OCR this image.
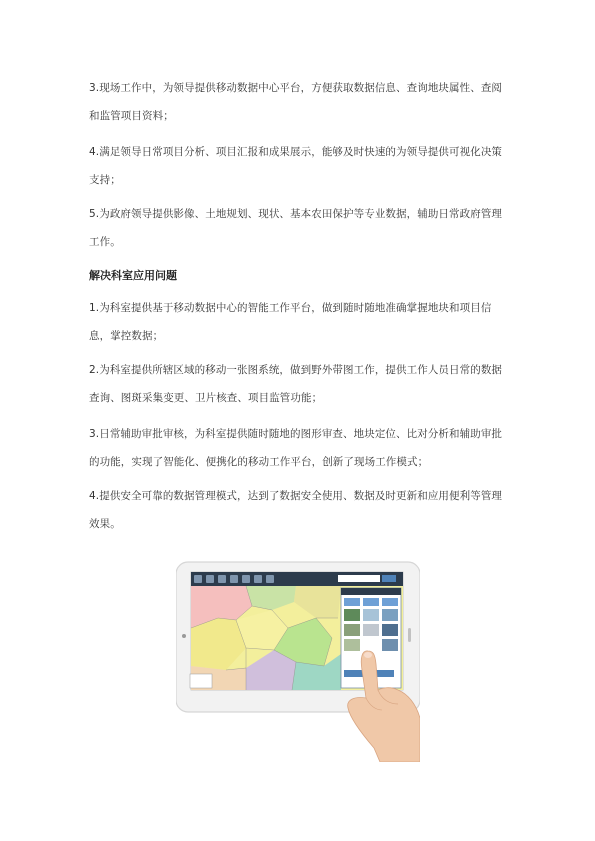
3.现场工作中，为领导提供移动数据中心平台，方便获取数据信息、查询地块属性、查阅和监管项目资料；
4.满足领导日常项目分析、项目汇报和成果展示，能够及时快速的为领导提供可视化决策支持；
5.为政府领导提供影像、土地规划、现状、基本农田保护等专业数据，辅助日常政府管理工作。
解决科室应用问题
1.为科室提供基于移动数据中心的智能工作平台，做到随时随地准确掌握地块和项目信息，掌控数据；
2.为科室提供所辖区域的移动一张图系统，做到野外带图工作，提供工作人员日常的数据查询、图斑采集变更、卫片核查、项目监管功能；
3.日常辅助审批审核，为科室提供随时随地的图形审查、地块定位、比对分析和辅助审批的功能，实现了智能化、便携化的移动工作平台，创新了现场工作模式；
4.提供安全可靠的数据管理模式，达到了数据安全使用、数据及时更新和应用便利等管理效果。
